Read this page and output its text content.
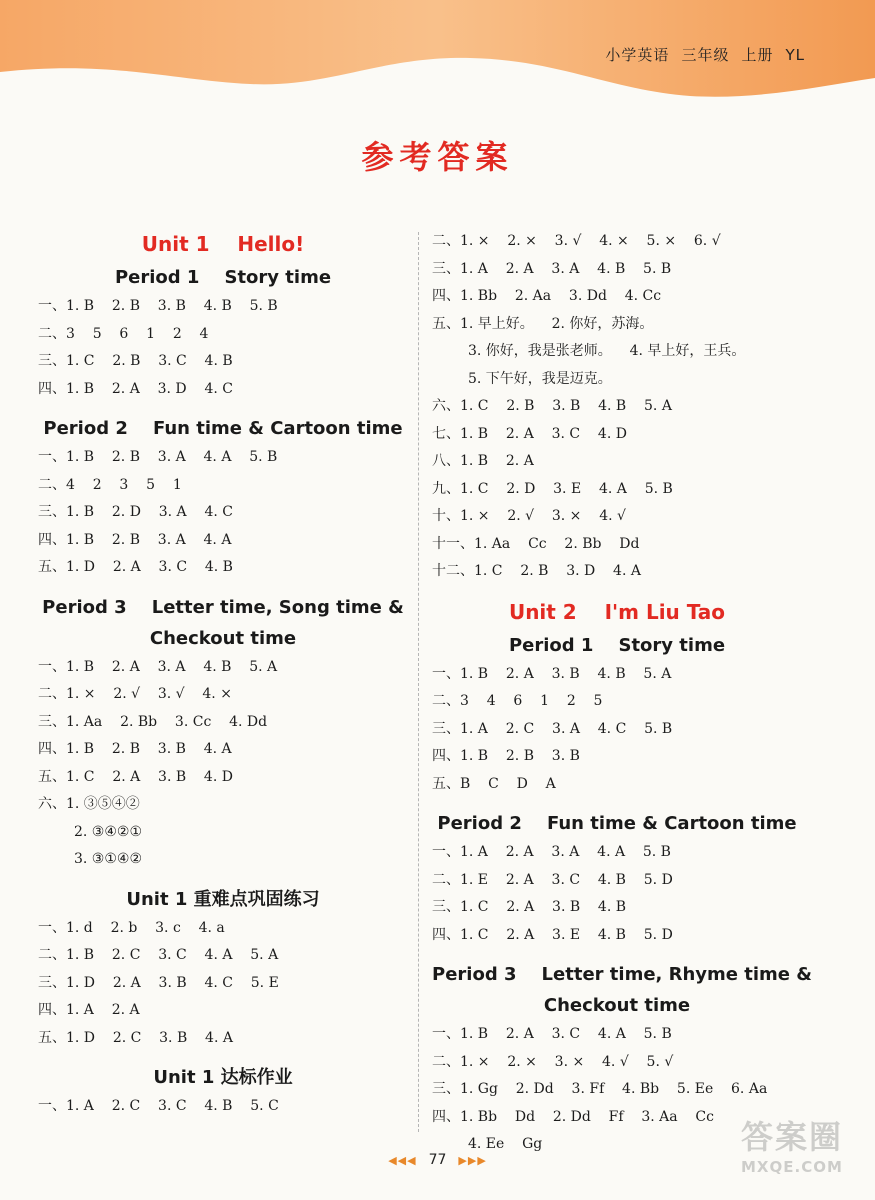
小学英语 三年级 上册 YL
参考答案
Unit 1    Hello!
Period 1    Story time
一、1. B    2. B    3. B    4. B    5. B
二、3    5    6    1    2    4
三、1. C    2. B    3. C    4. B
四、1. B    2. A    3. D    4. C
Period 2    Fun time & Cartoon time
一、1. B    2. B    3. A    4. A    5. B
二、4    2    3    5    1
三、1. B    2. D    3. A    4. C
四、1. B    2. B    3. A    4. A
五、1. D    2. A    3. C    4. B
Period 3    Letter time, Song time &
Checkout time
一、1. B    2. A    3. A    4. B    5. A
二、1. ×    2. √    3. √    4. ×
三、1. Aa    2. Bb    3. Cc    4. Dd
四、1. B    2. B    3. B    4. A
五、1. C    2. A    3. B    4. D
六、1. ③⑤④②
2. ③④②①
3. ③①④②
Unit 1 重难点巩固练习
一、1. d    2. b    3. c    4. a
二、1. B    2. C    3. C    4. A    5. A
三、1. D    2. A    3. B    4. C    5. E
四、1. A    2. A
五、1. D    2. C    3. B    4. A
Unit 1 达标作业
一、1. A    2. C    3. C    4. B    5. C
二、1. ×    2. ×    3. √    4. ×    5. ×    6. √
三、1. A    2. A    3. A    4. B    5. B
四、1. Bb    2. Aa    3. Dd    4. Cc
五、1. 早上好。    2. 你好，苏海。
3. 你好，我是张老师。    4. 早上好，王兵。
5. 下午好，我是迈克。
六、1. C    2. B    3. B    4. B    5. A
七、1. B    2. A    3. C    4. D
八、1. B    2. A
九、1. C    2. D    3. E    4. A    5. B
十、1. ×    2. √    3. ×    4. √
十一、1. Aa    Cc    2. Bb    Dd
十二、1. C    2. B    3. D    4. A
Unit 2    I'm Liu Tao
Period 1    Story time
一、1. B    2. A    3. B    4. B    5. A
二、3    4    6    1    2    5
三、1. A    2. C    3. A    4. C    5. B
四、1. B    2. B    3. B
五、B    C    D    A
Period 2    Fun time & Cartoon time
一、1. A    2. A    3. A    4. A    5. B
二、1. E    2. A    3. C    4. B    5. D
三、1. C    2. A    3. B    4. B
四、1. C    2. A    3. E    4. B    5. D
Period 3    Letter time, Rhyme time &
Checkout time
一、1. B    2. A    3. C    4. A    5. B
二、1. ×    2. ×    3. ×    4. √    5. √
三、1. Gg    2. Dd    3. Ff    4. Bb    5. Ee    6. Aa
四、1. Bb    Dd    2. Dd    Ff    3. Aa    Cc
4. Ee    Gg
◀◀◀ 77 ▶▶▶
答案圈
MXQE.COM
